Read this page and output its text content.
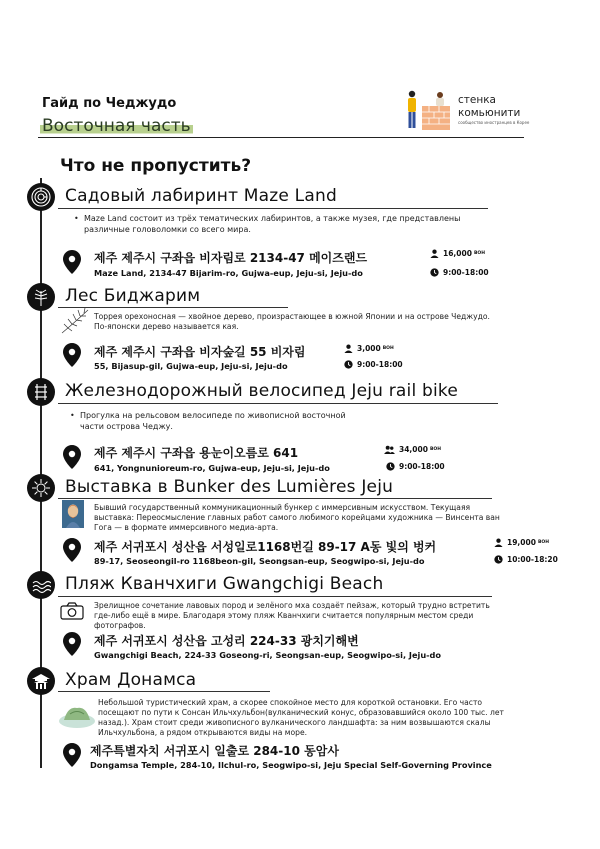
Гайд по Чеджудо
Восточная часть
стенка
комьюнити
сообщество иностранцев в Корее
Что не пропустить?
Садовый лабиринт Maze Land
• Maze Land состоит из трёх тематических лабиринтов, а также музея, где представлены различные головоломки со всего мира.
제주 제주시 구좌읍 비자림로 2134-47 메이즈랜드
Maze Land, 2134-47 Bijarim-ro, Gujwa-eup, Jeju-si, Jeju-do
16,000 ВОН
9:00-18:00
Лес Биджарим
Торрея орехоносная — хвойное дерево, произрастающее в южной Японии и на острове Чеджудо. По-японски дерево называется кая.
제주 제주시 구좌읍 비자숲길 55 비자림
55, Bijasup-gil, Gujwa-eup, Jeju-si, Jeju-do
3,000 ВОН
9:00-18:00
Железнодорожный велосипед Jeju rail bike
• Прогулка на рельсовом велосипеде по живописной восточной части острова Чеджу.
제주 제주시 구좌읍 용눈이오름로 641
641, Yongnunioreum-ro, Gujwa-eup, Jeju-si, Jeju-do
34,000 ВОН
9:00-18:00
Выставка в Bunker des Lumières Jeju
Бывший государственный коммуникационный бункер с иммерсивным искусством. Текущаяя выставка: Переосмысление главных работ самого любимого корейцами художника — Винсента ван Гога — в формате иммерсивного медиа-арта.
제주 서귀포시 성산읍 서성일로1168번길 89-17 A동 빛의 벙커
89-17, Seoseongil-ro 1168beon-gil, Seongsan-eup, Seogwipo-si, Jeju-do
19,000 ВОН
10:00-18:20
Пляж Кванчхиги Gwangchigi Beach
Зрелищное сочетание лавовых пород и зелёного мха создаёт пейзаж, который трудно встретить где-либо ещё в мире. Благодаря этому пляж Кванчхиги считается популярным местом среди фотографов.
제주 서귀포시 성산읍 고성리 224-33 광치기해변
Gwangchigi Beach, 224-33 Goseong-ri, Seongsan-eup, Seogwipo-si, Jeju-do
Храм Донамса
Небольшой туристический храм, а скорее спокойное место для короткой остановки. Его часто посещают по пути к Сонсан Ильчхульбон(вулканический конус, образовавшийся около 100 тыс. лет назад.). Храм стоит среди живописного вулканического ландшафта: за ним возвышаются скалы Ильчхульбона, а рядом открываются виды на море.
제주특별자치 서귀포시 일출로 284-10 동암사
Dongamsa Temple, 284-10, Ilchul-ro, Seogwipo-si, Jeju Special Self-Governing Province
